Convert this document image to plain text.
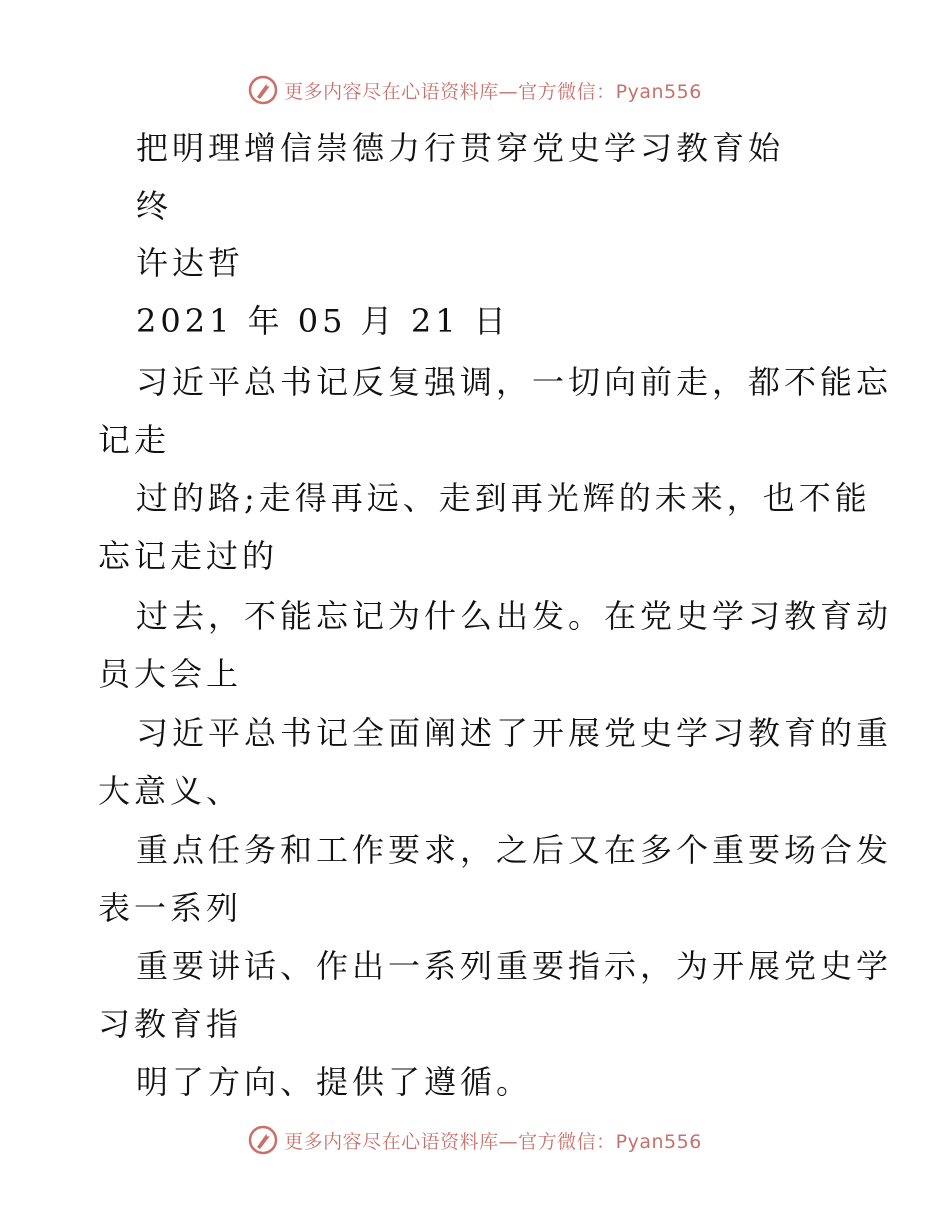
更多内容尽在心语资料库—官方微信：Pyan556
把明理增信崇德力行贯穿党史学习教育始
终
许达哲
2021 年 05 月 21 日
习近平总书记反复强调，一切向前走，都不能忘
记走
过的路;走得再远、走到再光辉的未来，也不能
忘记走过的
过去，不能忘记为什么出发。在党史学习教育动
员大会上
习近平总书记全面阐述了开展党史学习教育的重
大意义、
重点任务和工作要求，之后又在多个重要场合发
表一系列
重要讲话、作出一系列重要指示，为开展党史学
习教育指
明了方向、提供了遵循。
更多内容尽在心语资料库—官方微信：Pyan556
